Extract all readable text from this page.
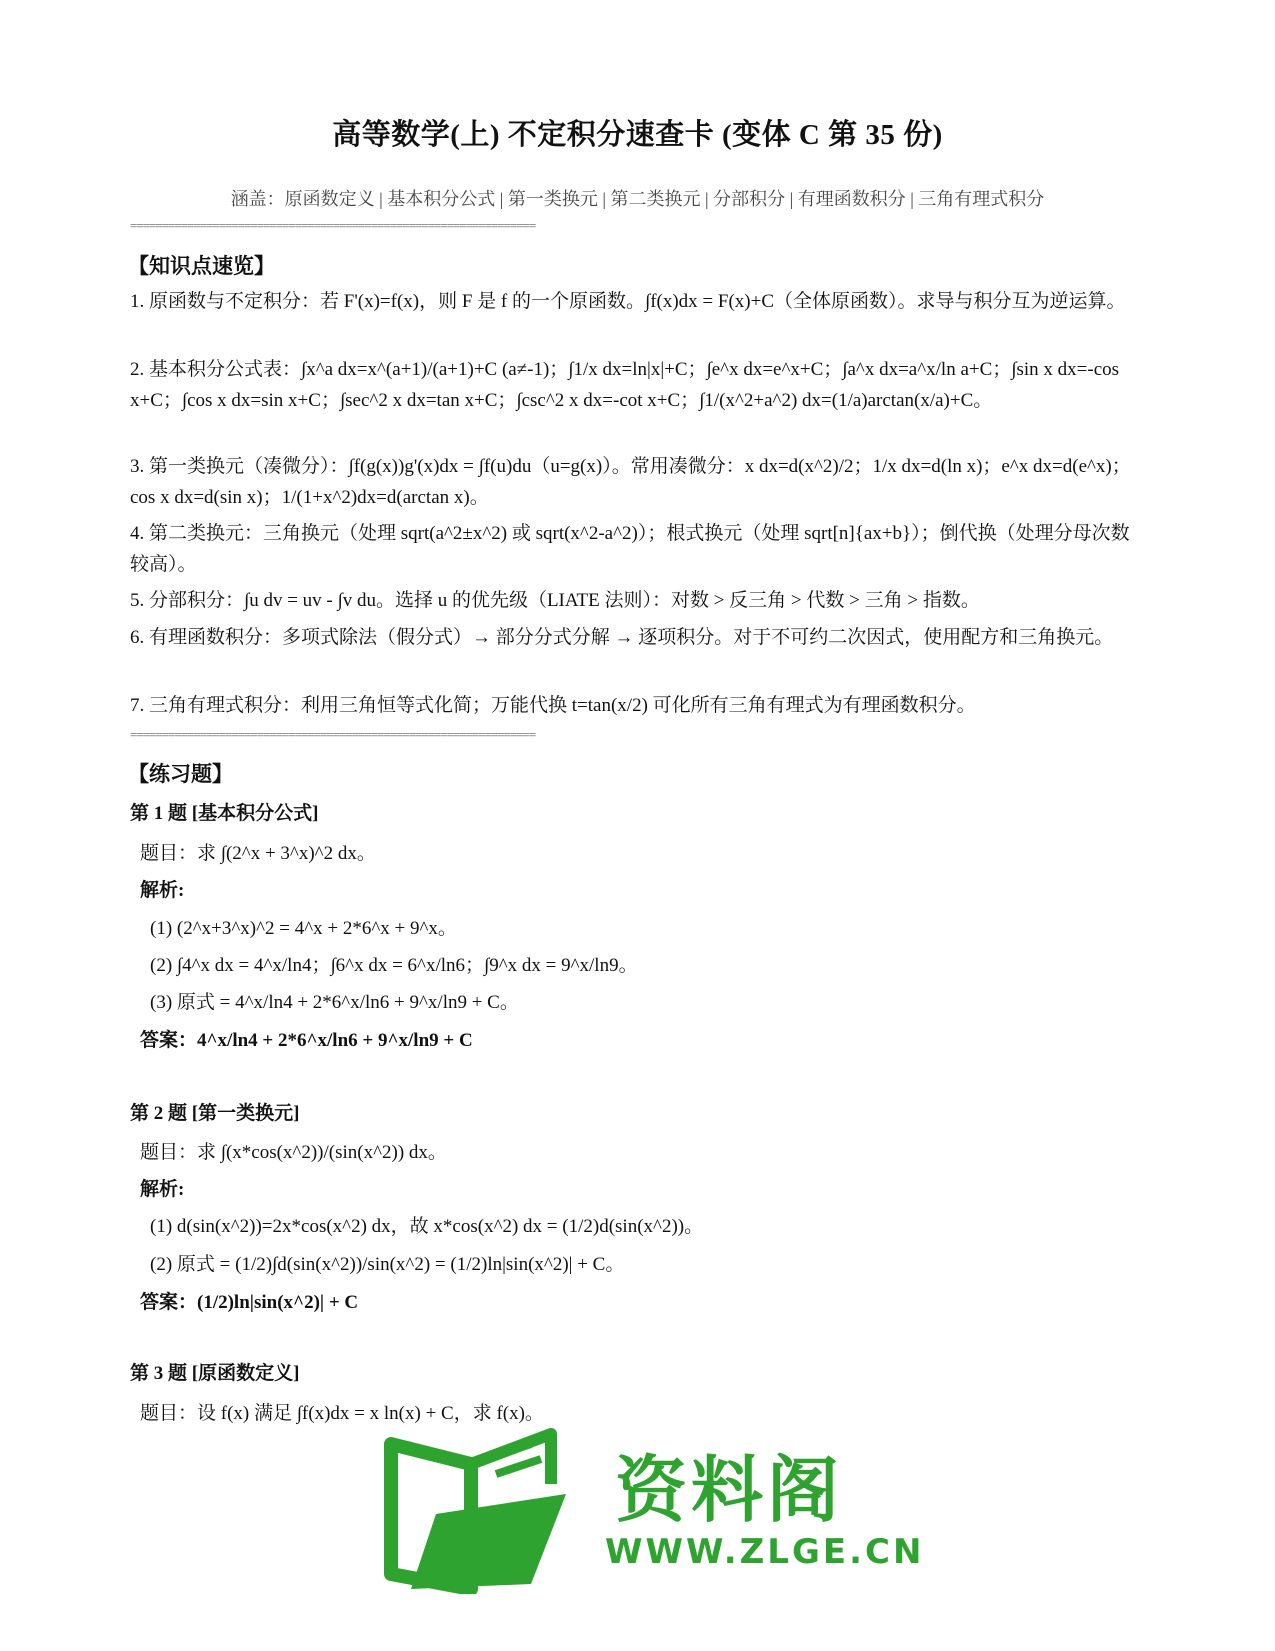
高等数学(上) 不定积分速查卡 (变体 C 第 35 份)
涵盖：原函数定义 | 基本积分公式 | 第一类换元 | 第二类换元 | 分部积分 | 有理函数积分 | 三角有理式积分
================================================================
【知识点速览】
1. 原函数与不定积分：若 F'(x)=f(x)，则 F 是 f 的一个原函数。∫f(x)dx = F(x)+C（全体原函数）。求导与积分互为逆运算。
2. 基本积分公式表：∫x^a dx=x^(a+1)/(a+1)+C (a≠-1)；∫1/x dx=ln|x|+C；∫e^x dx=e^x+C；∫a^x dx=a^x/ln a+C；∫sin x dx=-cos x+C；∫cos x dx=sin x+C；∫sec^2 x dx=tan x+C；∫csc^2 x dx=-cot x+C；∫1/(x^2+a^2) dx=(1/a)arctan(x/a)+C。
3. 第一类换元（凑微分）：∫f(g(x))g'(x)dx = ∫f(u)du（u=g(x)）。常用凑微分：x dx=d(x^2)/2；1/x dx=d(ln x)；e^x dx=d(e^x)；cos x dx=d(sin x)；1/(1+x^2)dx=d(arctan x)。
4. 第二类换元：三角换元（处理 sqrt(a^2±x^2) 或 sqrt(x^2-a^2)）；根式换元（处理 sqrt[n]{ax+b}）；倒代换（处理分母次数较高）。
5. 分部积分：∫u dv = uv - ∫v du。选择 u 的优先级（LIATE 法则）：对数 > 反三角 > 代数 > 三角 > 指数。
6. 有理函数积分：多项式除法（假分式）→ 部分分式分解 → 逐项积分。对于不可约二次因式，使用配方和三角换元。
7. 三角有理式积分：利用三角恒等式化简；万能代换 t=tan(x/2) 可化所有三角有理式为有理函数积分。
================================================================
【练习题】
第 1 题 [基本积分公式]
题目：求 ∫(2^x + 3^x)^2 dx。
解析:
(1) (2^x+3^x)^2 = 4^x + 2*6^x + 9^x。
(2) ∫4^x dx = 4^x/ln4；∫6^x dx = 6^x/ln6；∫9^x dx = 9^x/ln9。
(3) 原式 = 4^x/ln4 + 2*6^x/ln6 + 9^x/ln9 + C。
答案：4^x/ln4 + 2*6^x/ln6 + 9^x/ln9 + C
第 2 题 [第一类换元]
题目：求 ∫(x*cos(x^2))/(sin(x^2)) dx。
解析:
(1) d(sin(x^2))=2x*cos(x^2) dx，故 x*cos(x^2) dx = (1/2)d(sin(x^2))。
(2) 原式 = (1/2)∫d(sin(x^2))/sin(x^2) = (1/2)ln|sin(x^2)| + C。
答案：(1/2)ln|sin(x^2)| + C
第 3 题 [原函数定义]
题目：设 f(x) 满足 ∫f(x)dx = x ln(x) + C，求 f(x)。
资料阁
WWW.ZLGE.CN
